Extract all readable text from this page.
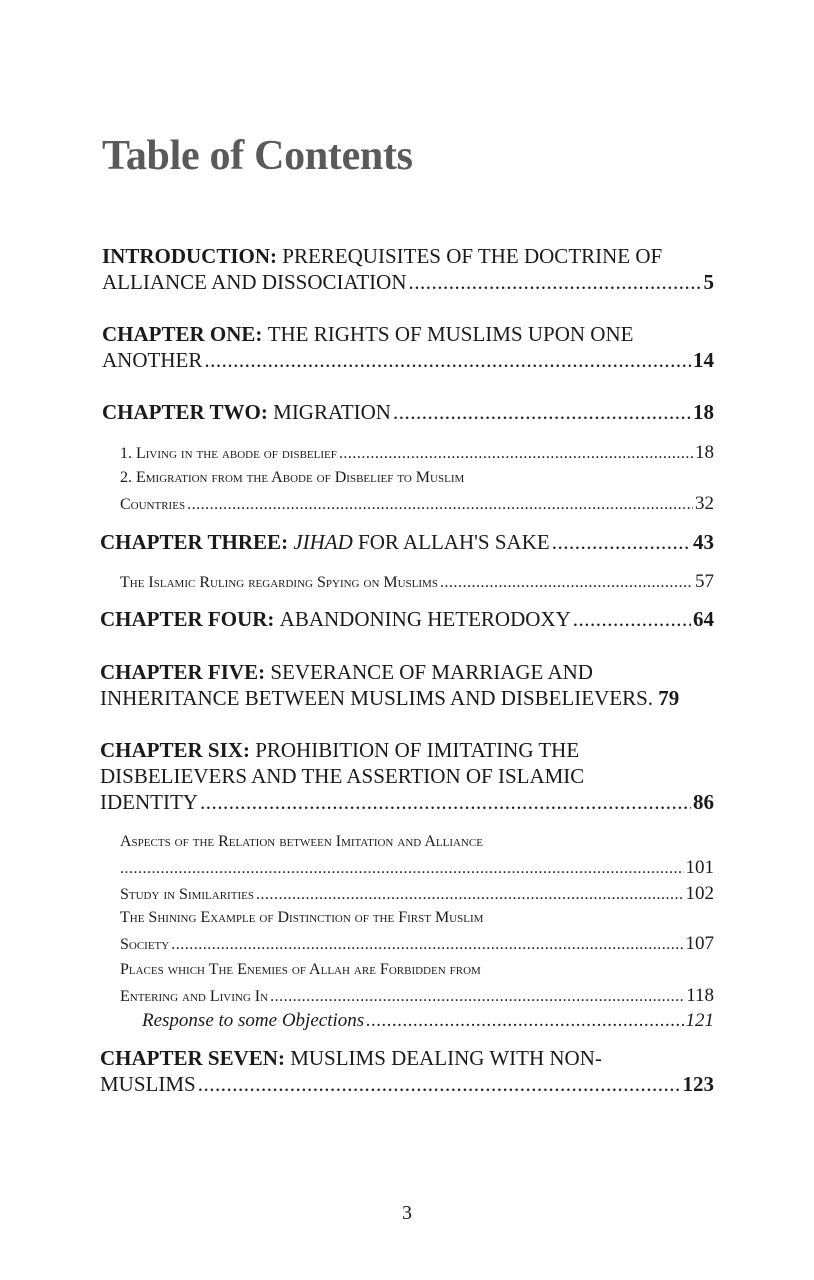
Table of Contents
INTRODUCTION:
PREREQUISITES OF THE DOCTRINE OF
ALLIANCE AND DISSOCIATION .....	5
CHAPTER ONE:
THE RIGHTS OF MUSLIMS UPON ONE
ANOTHER .....	14
CHAPTER TWO:
MIGRATION .....	18
1. Living in the abode of disbelief .....	18
2. Emigration from the Abode of Disbelief to Muslim
Countries .....	32
CHAPTER THREE:
JIHAD
FOR ALLAH'S SAKE .....	43
The Islamic Ruling regarding Spying on Muslims .....	57
CHAPTER FOUR:
ABANDONING HETERODOXY .....	64
CHAPTER FIVE:
SEVERANCE OF MARRIAGE AND
INHERITANCE BETWEEN MUSLIMS AND DISBELIEVERS.
79
CHAPTER SIX:
PROHIBITION OF IMITATING THE
DISBELIEVERS AND THE ASSERTION OF ISLAMIC
IDENTITY .....	86
Aspects of the Relation between Imitation and Alliance
.....
101
Study in Similarities .....	102
The Shining Example of Distinction of the First Muslim
Society .....	107
Places which The Enemies of Allah are Forbidden from
Entering and Living In .....	118
Response to some Objections .....	121
CHAPTER SEVEN:
MUSLIMS DEALING WITH NON-
MUSLIMS .....	123
3
